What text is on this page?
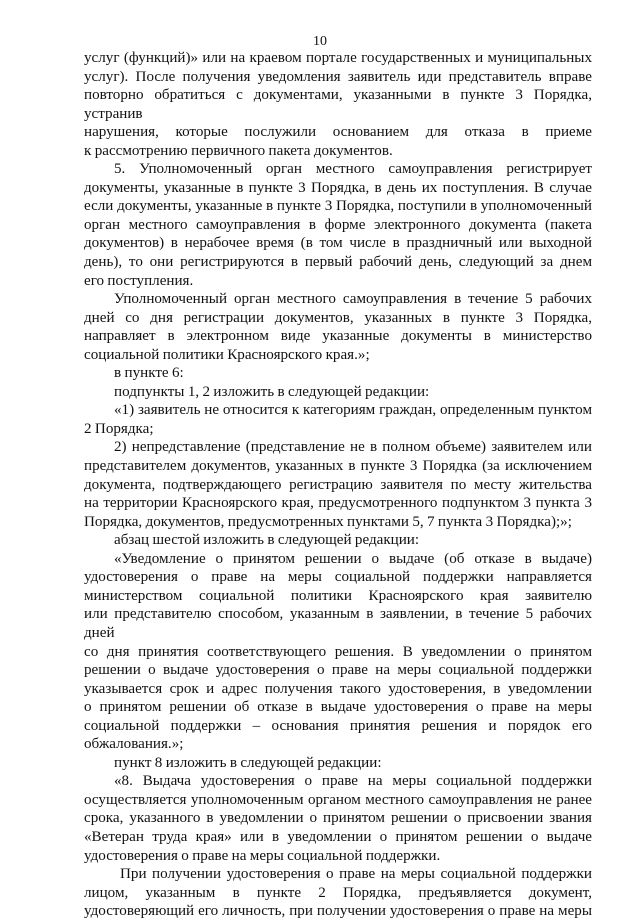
10

услуг (функций)» или на краевом портале государственных и муниципальных

услуг). После получения уведомления заявитель иди представитель вправе

повторно обратиться с документами, указанными в пункте 3 Порядка, устранив

нарушения, которые послужили основанием для отказа в приеме

к рассмотрению первичного пакета документов.

5. Уполномоченный орган местного самоуправления регистрирует

документы, указанные в пункте 3 Порядка, в день их поступления. В случае

если документы, указанные в пункте 3 Порядка, поступили в уполномоченный

орган местного самоуправления в форме электронного документа (пакета

документов) в нерабочее время (в том числе в праздничный или выходной

день), то они регистрируются в первый рабочий день, следующий за днем

его поступления.

Уполномоченный орган местного самоуправления в течение 5 рабочих

дней со дня регистрации документов, указанных в пункте 3 Порядка,

направляет в электронном виде указанные документы в министерство

социальной политики Красноярского края.»;

в пункте 6:

подпункты 1, 2 изложить в следующей редакции:

«1) заявитель не относится к категориям граждан, определенным пунктом

2 Порядка;

2) непредставление (представление не в полном объеме) заявителем или

представителем документов, указанных в пункте 3 Порядка (за исключением

документа, подтверждающего регистрацию заявителя по месту жительства

на территории Красноярского края, предусмотренного подпунктом 3 пункта 3

Порядка, документов, предусмотренных пунктами 5, 7 пункта 3 Порядка);»;

абзац шестой изложить в следующей редакции:

«Уведомление о принятом решении о выдаче (об отказе в выдаче)

удостоверения о праве на меры социальной поддержки направляется

министерством социальной политики Красноярского края заявителю

или представителю способом, указанным в заявлении, в течение 5 рабочих дней

со дня принятия соответствующего решения. В уведомлении о принятом

решении о выдаче удостоверения о праве на меры социальной поддержки

указывается срок и адрес получения такого удостоверения, в уведомлении

о принятом решении об отказе в выдаче удостоверения о праве на меры

социальной поддержки – основания принятия решения и порядок его

обжалования.»;

пункт 8 изложить в следующей редакции:

«8. Выдача удостоверения о праве на меры социальной поддержки

осуществляется уполномоченным органом местного самоуправления не ранее

срока, указанного в уведомлении о принятом решении о присвоении звания

«Ветеран труда края» или в уведомлении о принятом решении о выдаче

удостоверения о праве на меры социальной поддержки.

При получении удостоверения о праве на меры социальной поддержки

лицом, указанным в пункте 2 Порядка, предъявляется документ,

удостоверяющий его личность, при получении удостоверения о праве на меры
